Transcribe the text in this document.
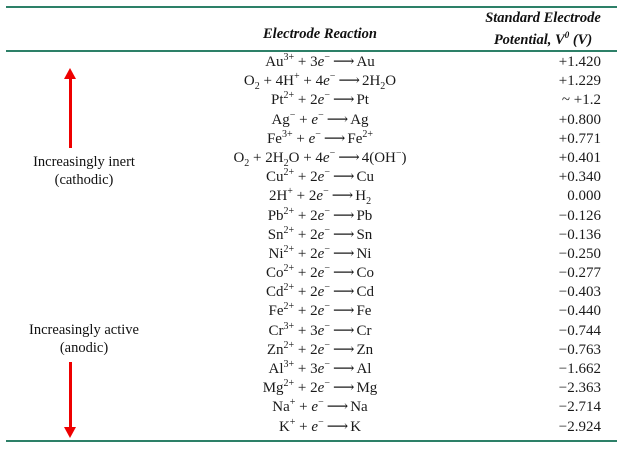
Electrode Reaction
Standard Electrode
Potential, $V^0$ (V)
Increasingly inert
(cathodic)
Increasingly active
(anodic)
$Au^{3+}$ + 3e−⟶Au	+1.420
$O_2 + 4H^+$ + $4e^-⟶2H_2O$	+1.229
$Pt^{2+}$ + 2e−⟶Pt	~ +1.2
Ag− + e−⟶Ag	+0.800
$Fe^{3+}$ + $e^-⟶Fe^{2+}$	+0.771
$O_2 + 2H_2O$ + 4e−⟶4(OH−)	+0.401
$Cu^{2+}$ + 2e−⟶Cu	+0.340
$2H^+ + 2e^-⟶H_2$	0.000
$Pb^{2+}$ + 2e−⟶Pb	−0.126
$Sn^{2+}$ + 2e−⟶Sn	−0.136
$Ni^{2+}$ + 2e−⟶Ni	−0.250
$Co^{2+}$ + 2e−⟶Co	−0.277
$Cd^{2+}$ + 2e−⟶Cd	−0.403
$Fe^{2+}$ + 2e−⟶Fe	−0.440
$Cr^{3+}$ + 3e−⟶Cr	−0.744
$Zn^{2+}$ + 2e−⟶Zn	−0.763
$Al^{3+}$ + 3e−⟶Al	−1.662
$Mg^{2+}$ + 2e−⟶Mg	−2.363
Na+ + e−⟶Na	−2.714
K+ + e−⟶K	−2.924
